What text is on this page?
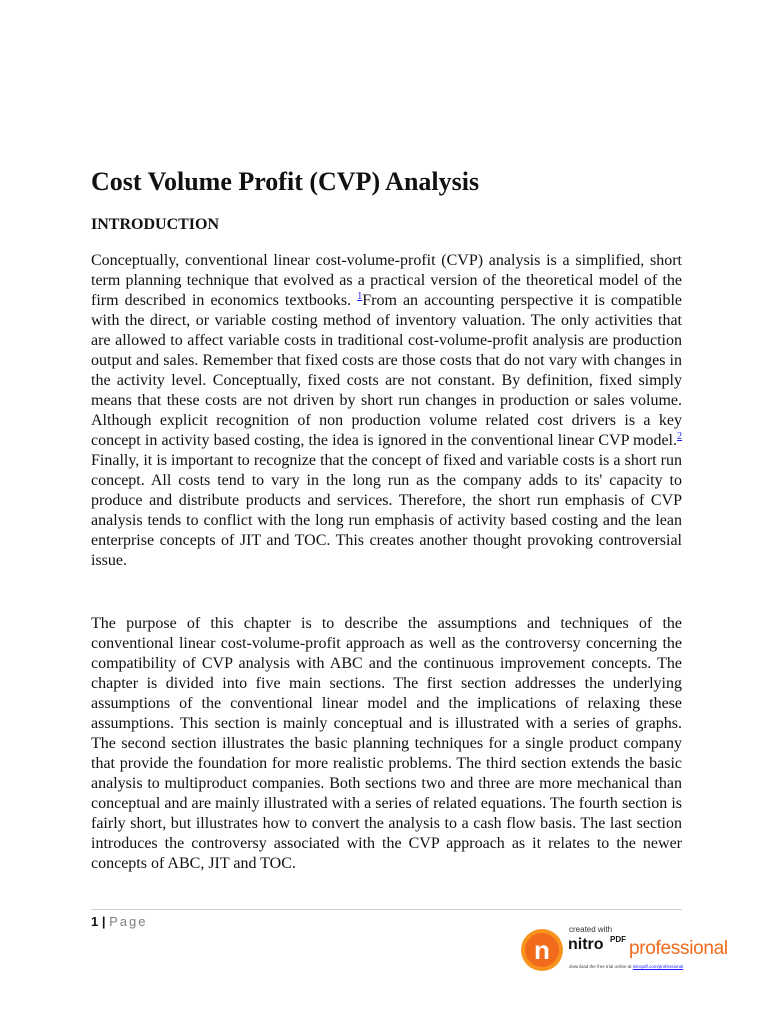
Cost Volume Profit (CVP) Analysis
INTRODUCTION

Conceptually, conventional linear cost-volume-profit (CVP) analysis is a simplified, short term planning technique that evolved as a practical version of the theoretical model of the firm described in economics textbooks. $^1$From an accounting perspective it is compatible with the direct, or variable costing method of inventory valuation. The only activities that are allowed to affect variable costs in traditional cost-volume-profit analysis are production output and sales. Remember that fixed costs are those costs that do not vary with changes in the activity level. Conceptually, fixed costs are not constant. By definition, fixed simply means that these costs are not driven by short run changes in production or sales volume. Although explicit recognition of non production volume related cost drivers is a key concept in activity based costing, the idea is ignored in the conventional linear CVP model.$^2$ Finally, it is important to recognize that the concept of fixed and variable costs is a short run concept. All costs tend to vary in the long run as the company adds to its' capacity to produce and distribute products and services. Therefore, the short run emphasis of CVP analysis tends to conflict with the long run emphasis of activity based costing and the lean enterprise concepts of JIT and TOC. This creates another thought provoking controversial issue.

The purpose of this chapter is to describe the assumptions and techniques of the conventional linear cost-volume-profit approach as well as the controversy concerning the compatibility of CVP analysis with ABC and the continuous improvement concepts. The chapter is divided into five main sections. The first section addresses the underlying assumptions of the conventional linear model and the implications of relaxing these assumptions. This section is mainly conceptual and is illustrated with a series of graphs. The second section illustrates the basic planning techniques for a single product company that provide the foundation for more realistic problems. The third section extends the basic analysis to multiproduct companies. Both sections two and three are more mechanical than conceptual and are mainly illustrated with a series of related equations. The fourth section is fairly short, but illustrates how to convert the analysis to a cash flow basis. The last section introduces the controversy associated with the CVP approach as it relates to the newer concepts of ABC, JIT and TOC.

1 | Page
n
created with
nitro PDF professional
download the free trial online at nitropdf.com/professional
